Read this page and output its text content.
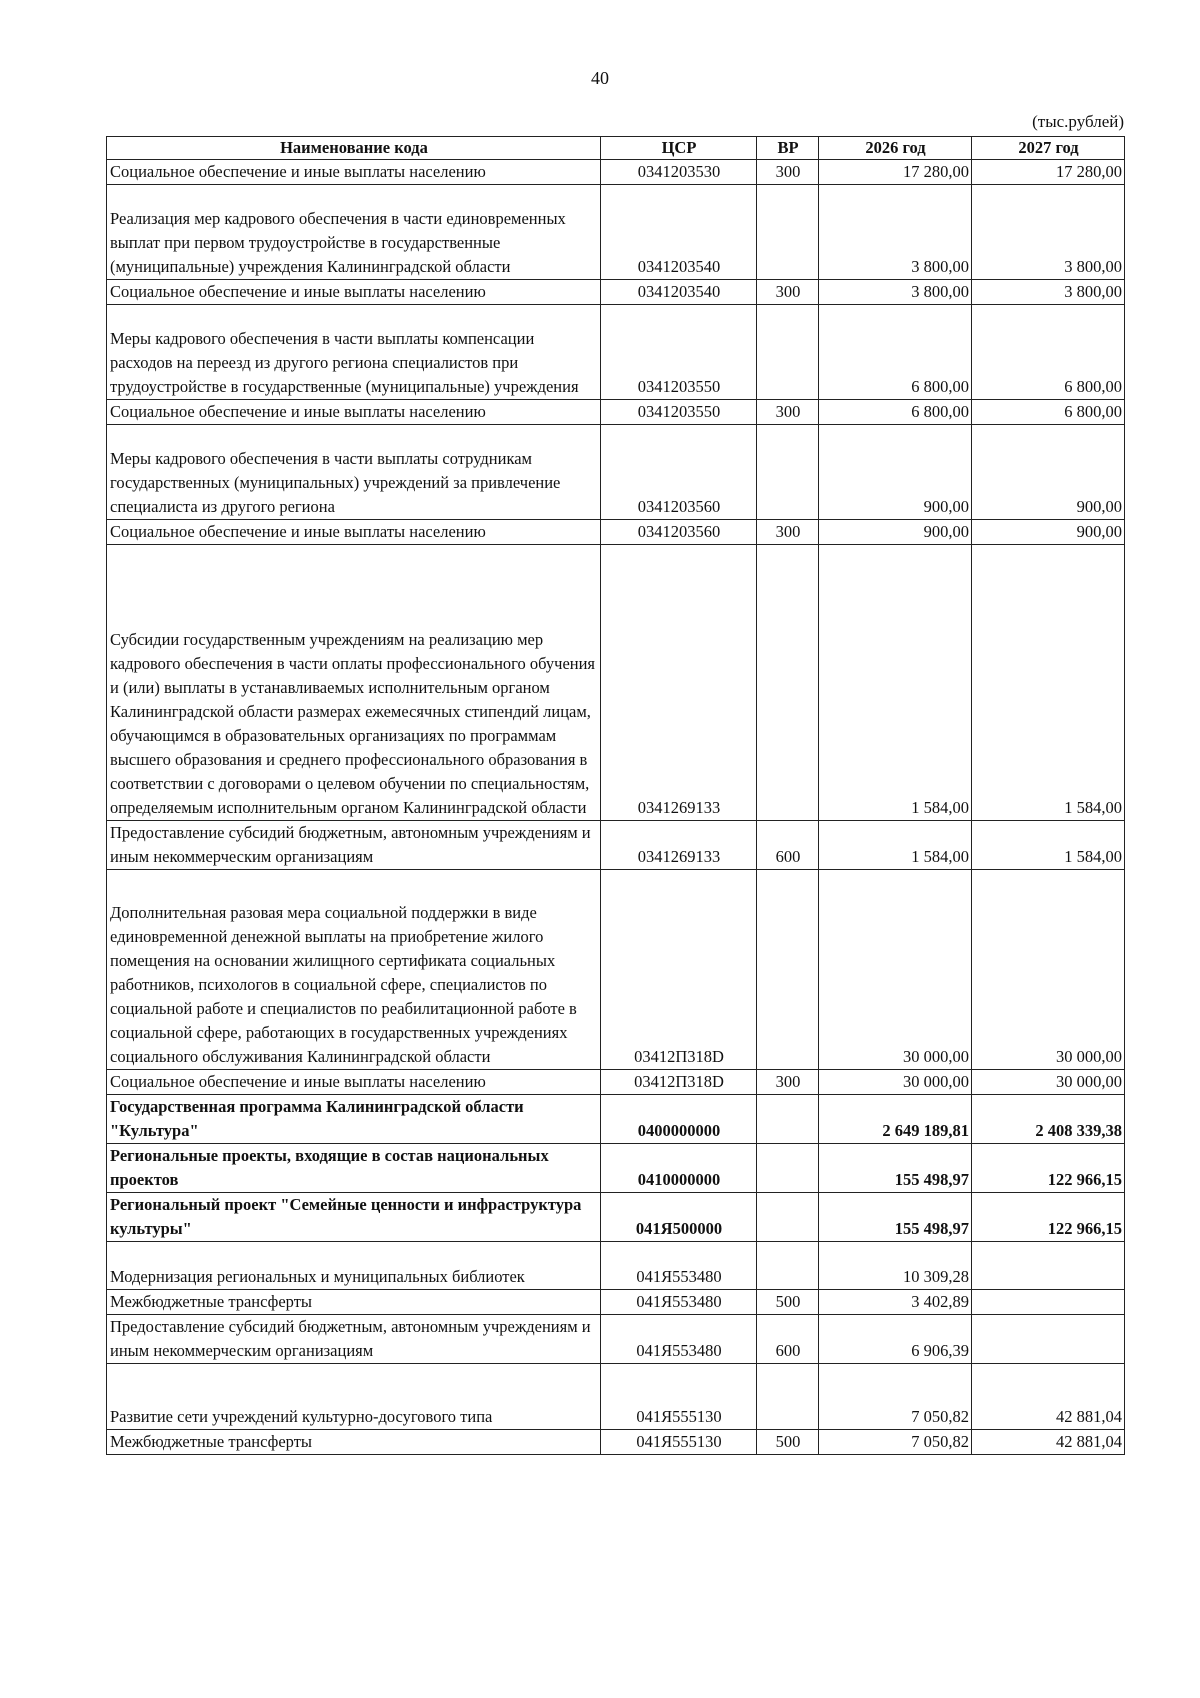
40
(тыс.рублей)
Наименование кода	ЦСР	ВР	2026 год	2027 год
Социальное обеспечение и иные выплаты населению	0341203530	300	17 280,00	17 280,00
Реализация мер кадрового обеспечения в части единовременных выплат при первом трудоустройстве в государственные (муниципальные) учреждения Калининградской области	0341203540		3 800,00	3 800,00
Социальное обеспечение и иные выплаты населению	0341203540	300	3 800,00	3 800,00
Меры кадрового обеспечения в части выплаты компенсации расходов на переезд из другого региона специалистов при трудоустройстве в государственные (муниципальные) учреждения	0341203550		6 800,00	6 800,00
Социальное обеспечение и иные выплаты населению	0341203550	300	6 800,00	6 800,00
Меры кадрового обеспечения в части выплаты сотрудникам государственных (муниципальных) учреждений за привлечение специалиста из другого региона	0341203560		900,00	900,00
Социальное обеспечение и иные выплаты населению	0341203560	300	900,00	900,00
Субсидии государственным учреждениям на реализацию мер кадрового обеспечения в части оплаты профессионального обучения и (или) выплаты в устанавливаемых исполнительным органом Калининградской области размерах ежемесячных стипендий лицам, обучающимся в образовательных организациях по программам высшего образования и среднего профессионального образования в соответствии с договорами о целевом обучении по специальностям, определяемым исполнительным органом Калининградской области	0341269133		1 584,00	1 584,00
Предоставление субсидий бюджетным, автономным учреждениям и иным некоммерческим организациям	0341269133	600	1 584,00	1 584,00
Дополнительная разовая мера социальной поддержки в виде единовременной денежной выплаты на приобретение жилого помещения на основании жилищного сертификата социальных работников, психологов в социальной сфере, специалистов по социальной работе и специалистов по реабилитационной работе в социальной сфере, работающих в государственных учреждениях социального обслуживания Калининградской области	03412П318D		30 000,00	30 000,00
Социальное обеспечение и иные выплаты населению	03412П318D	300	30 000,00	30 000,00
Государственная программа Калининградской области "Культура"	0400000000		2 649 189,81	2 408 339,38
Региональные проекты, входящие в состав национальных проектов	0410000000		155 498,97	122 966,15
Региональный проект "Семейные ценности и инфраструктура культуры"	041Я500000		155 498,97	122 966,15
Модернизация региональных и муниципальных библиотек	041Я553480		10 309,28	
Межбюджетные трансферты	041Я553480	500	3 402,89	
Предоставление субсидий бюджетным, автономным учреждениям и иным некоммерческим организациям	041Я553480	600	6 906,39	
Развитие сети учреждений культурно-досугового типа	041Я555130		7 050,82	42 881,04
Межбюджетные трансферты	041Я555130	500	7 050,82	42 881,04
